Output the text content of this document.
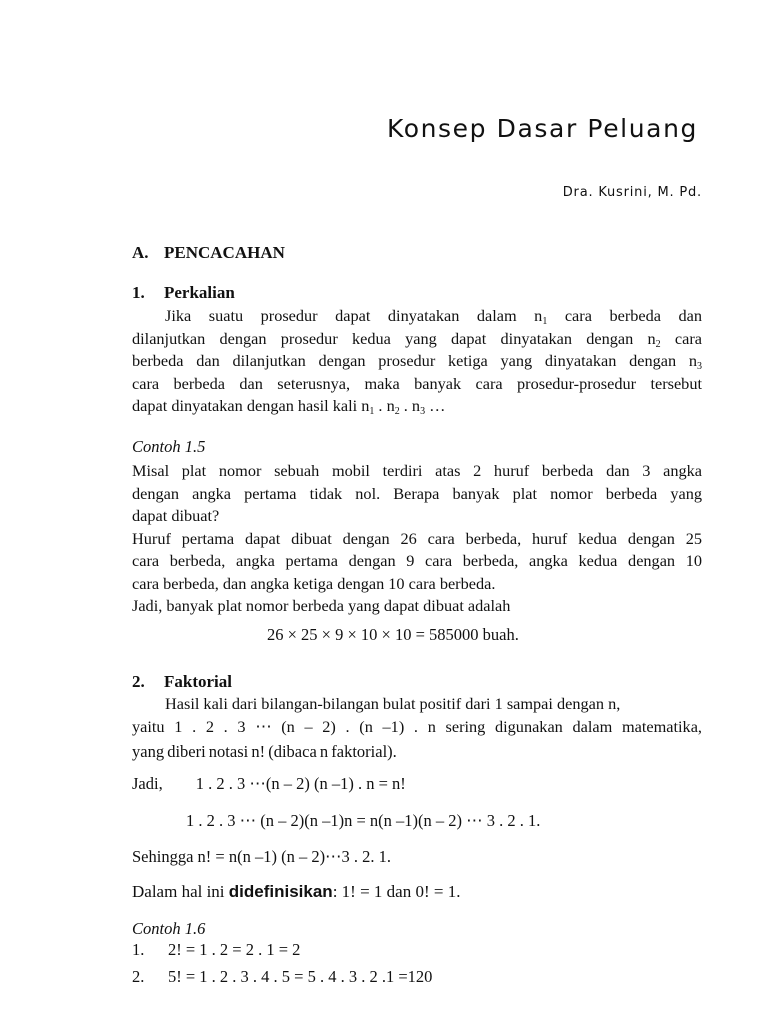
Konsep Dasar Peluang
Dra. Kusrini, M. Pd.
A. PENCACAHAN
1. Perkalian
Jika suatu prosedur dapat dinyatakan dalam $n_1$ cara berbeda dan
dilanjutkan dengan prosedur kedua yang dapat dinyatakan dengan $n_2$ cara
berbeda dan dilanjutkan dengan prosedur ketiga yang dinyatakan dengan $n_3$
cara berbeda dan seterusnya, maka banyak cara prosedur-prosedur tersebut
dapat dinyatakan dengan hasil kali $n_1$ . $n_2$ . $n_3$ …
Contoh 1.5
Misal plat nomor sebuah mobil terdiri atas 2 huruf berbeda dan 3 angka
dengan angka pertama tidak nol. Berapa banyak plat nomor berbeda yang
dapat dibuat?
Huruf pertama dapat dibuat dengan 26 cara berbeda, huruf kedua dengan 25
cara berbeda, angka pertama dengan 9 cara berbeda, angka kedua dengan 10
cara berbeda, dan angka ketiga dengan 10 cara berbeda.
Jadi, banyak plat nomor berbeda yang dapat dibuat adalah
26 × 25 × 9 × 10 × 10 = 585000 buah.
2. Faktorial
Hasil kali dari bilangan-bilangan bulat positif dari 1 sampai dengan n,
yaitu 1 . 2 . 3 ⋯ (n – 2) . (n –1) . n sering digunakan dalam matematika,
yang diberi notasi n! (dibaca n faktorial).
Jadi, 1 . 2 . 3 ⋯(n – 2) (n –1) . n = n!
1 . 2 . 3 ⋯ (n – 2)(n –1)n = n(n –1)(n – 2) ⋯ 3 . 2 . 1.
Sehingga n! = n(n –1) (n – 2)⋯3 . 2. 1.
Dalam hal ini didefinisikan: 1! = 1 dan 0! = 1.
Contoh 1.6
1. 2! = 1 . 2 = 2 . 1 = 2
2. 5! = 1 . 2 . 3 . 4 . 5 = 5 . 4 . 3 . 2 .1 =120
